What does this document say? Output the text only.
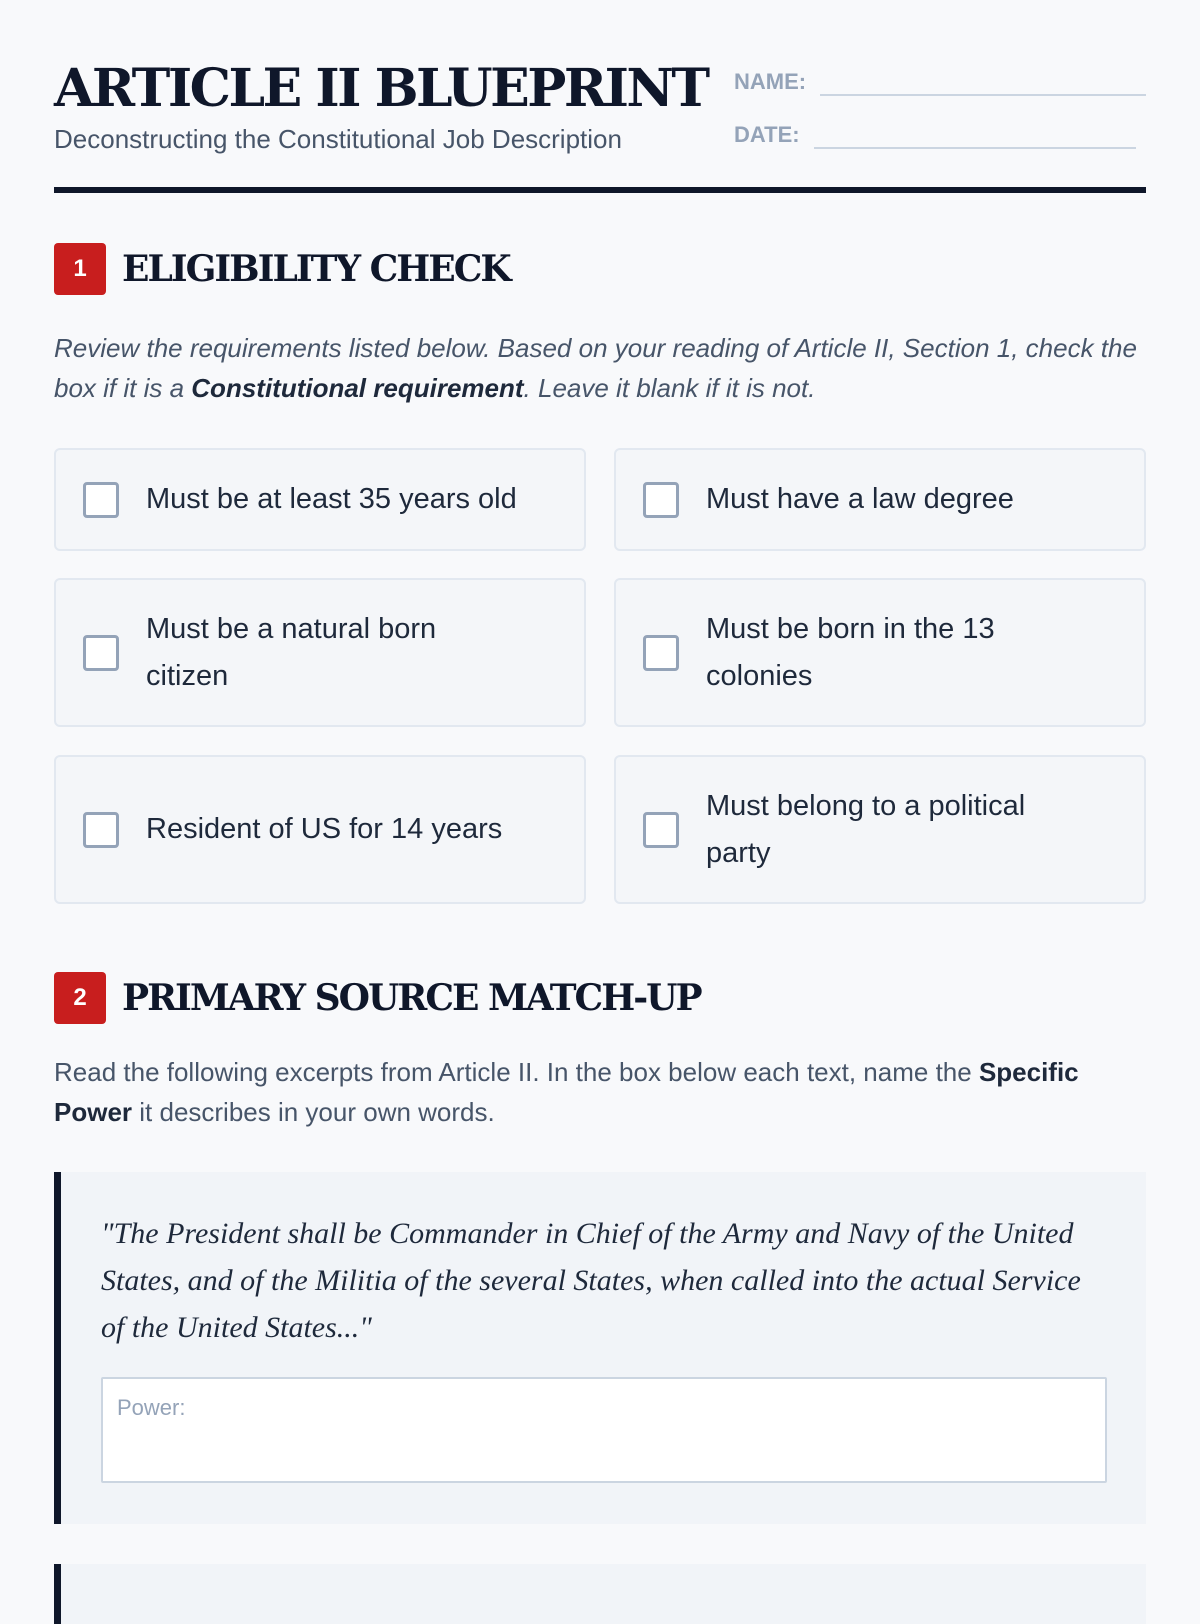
ARTICLE II BLUEPRINT
Deconstructing the Constitutional Job Description
NAME:
DATE:
1 ELIGIBILITY CHECK
Review the requirements listed below. Based on your reading of Article II, Section 1, check the box if it is a Constitutional requirement. Leave it blank if it is not.
Must be at least 35 years old	Must have a law degree
Must be a natural born citizen
Must be born in the 13 colonies
Resident of US for 14 years
Must belong to a political party
2 PRIMARY SOURCE MATCH-UP
Read the following excerpts from Article II. In the box below each text, name the Specific Power it describes in your own words.
"The President shall be Commander in Chief of the Army and Navy of the United States, and of the Militia of the several States, when called into the actual Service of the United States..."
Power:
